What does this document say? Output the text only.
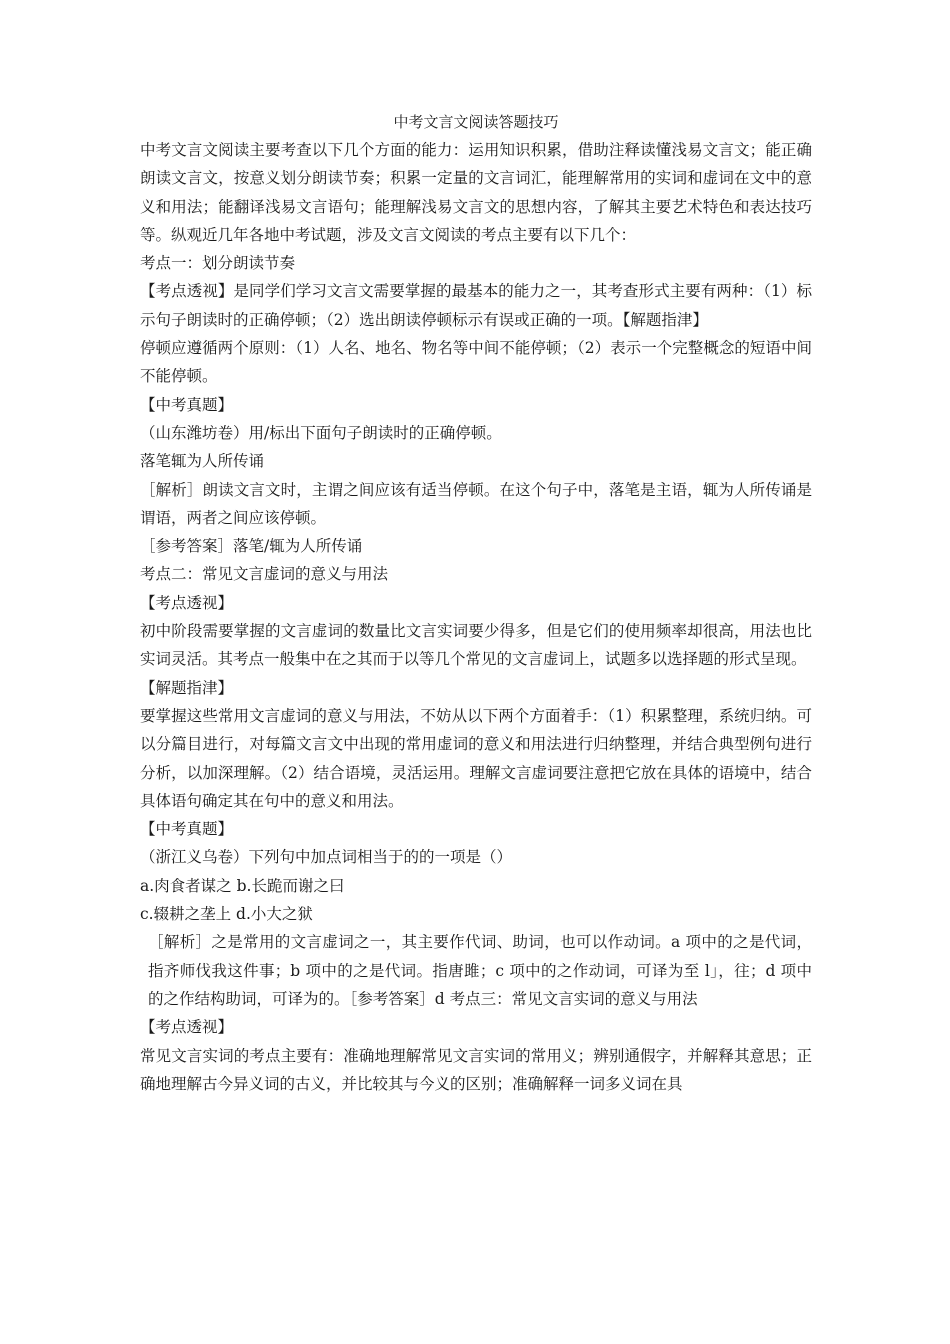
中考文言文阅读答题技巧

中考文言文阅读主要考查以下几个方面的能力：运用知识积累，借助注释读懂浅易文言文；能正确朗读文言文，按意义划分朗读节奏；积累一定量的文言词汇，能理解常用的实词和虚词在文中的意义和用法；能翻译浅易文言语句；能理解浅易文言文的思想内容，了解其主要艺术特色和表达技巧等。纵观近几年各地中考试题，涉及文言文阅读的考点主要有以下几个：

考点一：划分朗读节奏

【考点透视】是同学们学习文言文需要掌握的最基本的能力之一，其考查形式主要有两种：（1）标示句子朗读时的正确停顿；（2）选出朗读停顿标示有误或正确的一项。【解题指津】

停顿应遵循两个原则：（1）人名、地名、物名等中间不能停顿；（2）表示一个完整概念的短语中间不能停顿。

【中考真题】

（山东潍坊卷）用/标出下面句子朗读时的正确停顿。

落笔辄为人所传诵

［解析］朗读文言文时，主谓之间应该有适当停顿。在这个句子中，落笔是主语，辄为人所传诵是谓语，两者之间应该停顿。

［参考答案］落笔/辄为人所传诵

考点二：常见文言虚词的意义与用法

【考点透视】

初中阶段需要掌握的文言虚词的数量比文言实词要少得多，但是它们的使用频率却很高，用法也比实词灵活。其考点一般集中在之其而于以等几个常见的文言虚词上，试题多以选择题的形式呈现。

【解题指津】

要掌握这些常用文言虚词的意义与用法，不妨从以下两个方面着手：（1）积累整理，系统归纳。可以分篇目进行，对每篇文言文中出现的常用虚词的意义和用法进行归纳整理，并结合典型例句进行分析，以加深理解。（2）结合语境，灵活运用。理解文言虚词要注意把它放在具体的语境中，结合具体语句确定其在句中的意义和用法。

【中考真题】

（浙江义乌卷）下列句中加点词相当于的的一项是（）

a.肉食者谋之 b.长跪而谢之曰

c.辍耕之垄上 d.小大之狱

［解析］之是常用的文言虚词之一，其主要作代词、助词，也可以作动词。a 项中的之是代词，指齐师伐我这件事；b 项中的之是代词。指唐雎；c 项中的之作动词，可译为至 l」，往；d 项中的之作结构助词，可译为的。［参考答案］d 考点三：常见文言实词的意义与用法

【考点透视】

常见文言实词的考点主要有：准确地理解常见文言实词的常用义；辨别通假字，并解释其意思；正确地理解古今异义词的古义，并比较其与今义的区别；准确解释一词多义词在具
